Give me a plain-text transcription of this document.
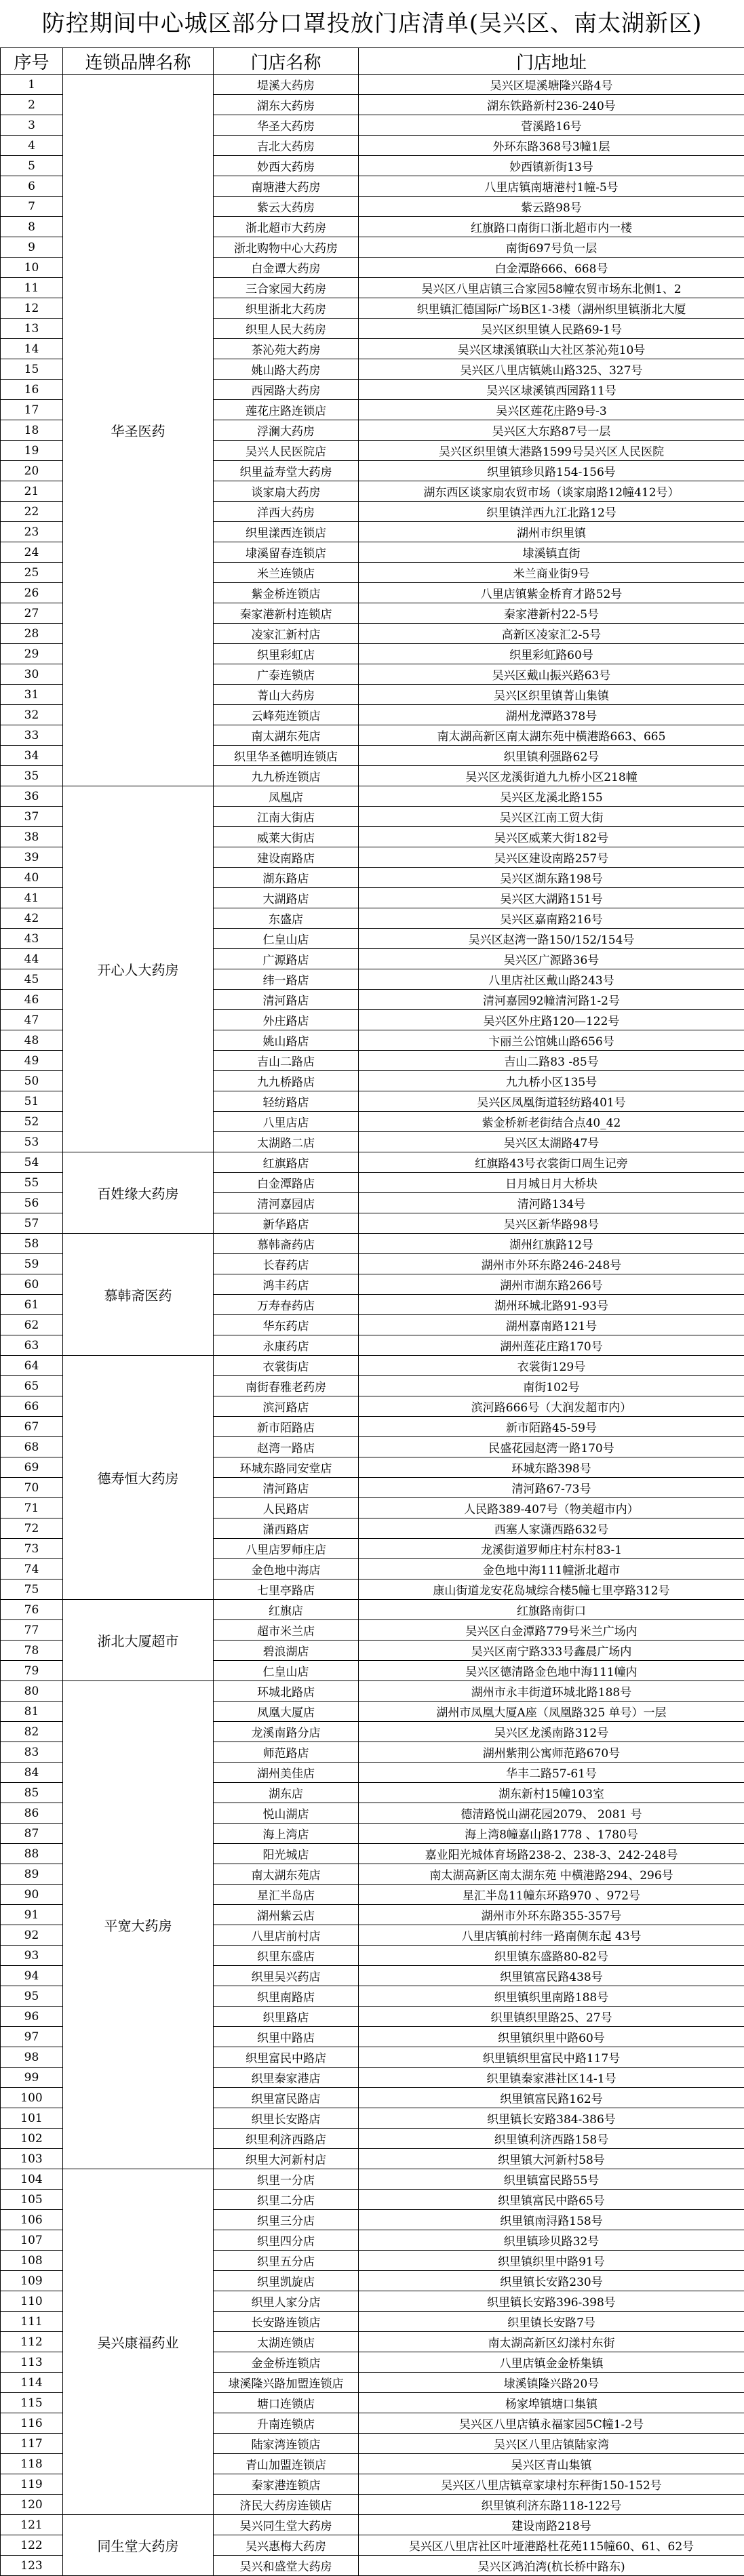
防控期间中心城区部分口罩投放门店清单(吴兴区、南太湖新区)
序号	连锁品牌名称	门店名称	门店地址
1	华圣医药	堤溪大药房	吴兴区堤溪塘隆兴路4号
2		湖东大药房	湖东铁路新村236-240号
3		华圣大药房	菅溪路16号
4		吉北大药房	外环东路368号3幢1层
5		妙西大药房	妙西镇新街13号
6		南塘港大药房	八里店镇南塘港村1幢-5号
7		紫云大药房	紫云路98号
8		浙北超市大药房	红旗路口南街口浙北超市内一楼
9		浙北购物中心大药房	南街697号负一层
10		白金谭大药房	白金潭路666、668号
11		三合家园大药房	吴兴区八里店镇三合家园58幢农贸市场东北侧1、2
12		织里浙北大药房	织里镇汇德国际广场B区1-3楼（湖州织里镇浙北大厦
13		织里人民大药房	吴兴区织里镇人民路69-1号
14		茶沁苑大药房	吴兴区埭溪镇联山大社区茶沁苑10号
15		姚山路大药房	吴兴区八里店镇姚山路325、327号
16		西园路大药房	吴兴区埭溪镇西园路11号
17		莲花庄路连锁店	吴兴区莲花庄路9号-3
18		浮澜大药房	吴兴区大东路87号一层
19		吴兴人民医院店	吴兴区织里镇大港路1599号吴兴区人民医院
20		织里益寿堂大药房	织里镇珍贝路154-156号
21		谈家扇大药房	湖东西区谈家扇农贸市场（谈家扇路12幢412号）
22		洋西大药房	织里镇洋西九江北路12号
23		织里漾西连锁店	湖州市织里镇
24		埭溪留春连锁店	埭溪镇直街
25		米兰连锁店	米兰商业街9号
26		紫金桥连锁店	八里店镇紫金桥育才路52号
27		秦家港新村连锁店	秦家港新村22-5号
28		凌家汇新村店	高新区凌家汇2-5号
29		织里彩虹店	织里彩虹路60号
30		广泰连锁店	吴兴区戴山振兴路63号
31		菁山大药房	吴兴区织里镇菁山集镇
32		云峰苑连锁店	湖州龙潭路378号
33		南太湖东苑店	南太湖高新区南太湖东苑中横港路663、665
34		织里华圣德明连锁店	织里镇利强路62号
35		九九桥连锁店	吴兴区龙溪街道九九桥小区218幢
36	开心人大药房	凤凰店	吴兴区龙溪北路155
37		江南大街店	吴兴区江南工贸大街
38		威莱大街店	吴兴区威莱大街182号
39		建设南路店	吴兴区建设南路257号
40		湖东路店	吴兴区湖东路198号
41		大湖路店	吴兴区大湖路151号
42		东盛店	吴兴区嘉南路216号
43		仁皇山店	吴兴区赵湾一路150/152/154号
44		广源路店	吴兴区广源路36号
45		纬一路店	八里店社区戴山路243号
46		清河路店	清河嘉园92幢清河路1-2号
47		外庄路店	吴兴区外庄路120—122号
48		姚山路店	卞丽兰公馆姚山路656号
49		吉山二路店	吉山二路83 -85号
50		九九桥路店	九九桥小区135号
51		轻纺路店	吴兴区凤凰街道轻纺路401号
52		八里店店	紫金桥新老街结合点40_42
53		太湖路二店	吴兴区太湖路47号
54	百姓缘大药房	红旗路店	红旗路43号衣裳街口周生记旁
55		白金潭路店	日月城日月大桥块
56		清河嘉园店	清河路134号
57		新华路店	吴兴区新华路98号
58	慕韩斋医药	慕韩斋药店	湖州红旗路12号
59		长春药店	湖州市外环东路246-248号
60		鸿丰药店	湖州市湖东路266号
61		万寿春药店	湖州环城北路91-93号
62		华东药店	湖州嘉南路121号
63		永康药店	湖州莲花庄路170号
64	德寿恒大药房	衣裳街店	衣裳街129号
65		南街春雅老药房	南街102号
66		滨河路店	滨河路666号（大润发超市内）
67		新市陌路店	新市陌路45-59号
68		赵湾一路店	民盛花园赵湾一路170号
69		环城东路同安堂店	环城东路398号
70		清河路店	清河路67-73号
71		人民路店	人民路389-407号（物美超市内）
72		潇西路店	西塞人家潇西路632号
73		八里店罗师庄店	龙溪街道罗师庄村东村83-1
74		金色地中海店	金色地中海111幢浙北超市
75		七里亭路店	康山街道龙安花岛城综合楼5幢七里亭路312号
76	浙北大厦超市	红旗店	红旗路南街口
77		超市米兰店	吴兴区白金潭路779号米兰广场内
78		碧浪湖店	吴兴区南宁路333号鑫晨广场内
79		仁皇山店	吴兴区德清路金色地中海111幢内
80	平宽大药房	环城北路店	湖州市永丰街道环城北路188号
81		凤凰大厦店	湖州市凤凰大厦A座（凤凰路325 单号）一层
82		龙溪南路分店	吴兴区龙溪南路312号
83		师范路店	湖州紫荆公寓师范路670号
84		湖州美佳店	华丰二路57-61号
85		湖东店	湖东新村15幢103室
86		悦山湖店	德清路悦山湖花园2079、 2081 号
87		海上湾店	海上湾8幢嘉山路1778 、1780号
88		阳光城店	嘉业阳光城体育场路238-2、238-3、242-248号
89		南太湖东苑店	南太湖高新区南太湖东苑 中横港路294、296号
90		星汇半岛店	星汇半岛11幢东环路970 、972号
91		湖州紫云店	湖州市外环东路355-357号
92		八里店前村店	八里店镇前村纬一路南侧东起 43号
93		织里东盛店	织里镇东盛路80-82号
94		织里吴兴药店	织里镇富民路438号
95		织里南路店	织里镇织里南路188号
96		织里路店	织里镇织里路25、27号
97		织里中路店	织里镇织里中路60号
98		织里富民中路店	织里镇织里富民中路117号
99		织里秦家港店	织里镇秦家港社区14-1号
100		织里富民路店	织里镇富民路162号
101		织里长安路店	织里镇长安路384-386号
102		织里利济西路店	织里镇利济西路158号
103		织里大河新村店	织里镇大河新村58号
104	吴兴康福药业	织里一分店	织里镇富民路55号
105		织里二分店	织里镇富民中路65号
106		织里三分店	织里镇南浔路158号
107		织里四分店	织里镇珍贝路32号
108		织里五分店	织里镇织里中路91号
109		织里凯旋店	织里镇长安路230号
110		织里人家分店	织里镇长安路396-398号
111		长安路连锁店	织里镇长安路7号
112		太湖连锁店	南太湖高新区幻漾村东街
113		金金桥连锁店	八里店镇金金桥集镇
114		埭溪隆兴路加盟连锁店	埭溪镇隆兴路20号
115		塘口连锁店	杨家埠镇塘口集镇
116		升南连锁店	吴兴区八里店镇永福家园5C幢1-2号
117		陆家湾连锁店	吴兴区八里店镇陆家湾
118		青山加盟连锁店	吴兴区青山集镇
119		秦家港连锁店	吴兴区八里店镇章家埭村东秤街150-152号
120		济民大药房连锁店	织里镇利济东路118-122号
121	同生堂大药房	吴兴同生堂大药房	建设南路218号
122		吴兴惠梅大药房	吴兴区八里店社区叶垭港路杜花苑115幢60、61、62号
123		吴兴和盛堂大药房	吴兴区鸿泊湾(杭长桥中路东)
